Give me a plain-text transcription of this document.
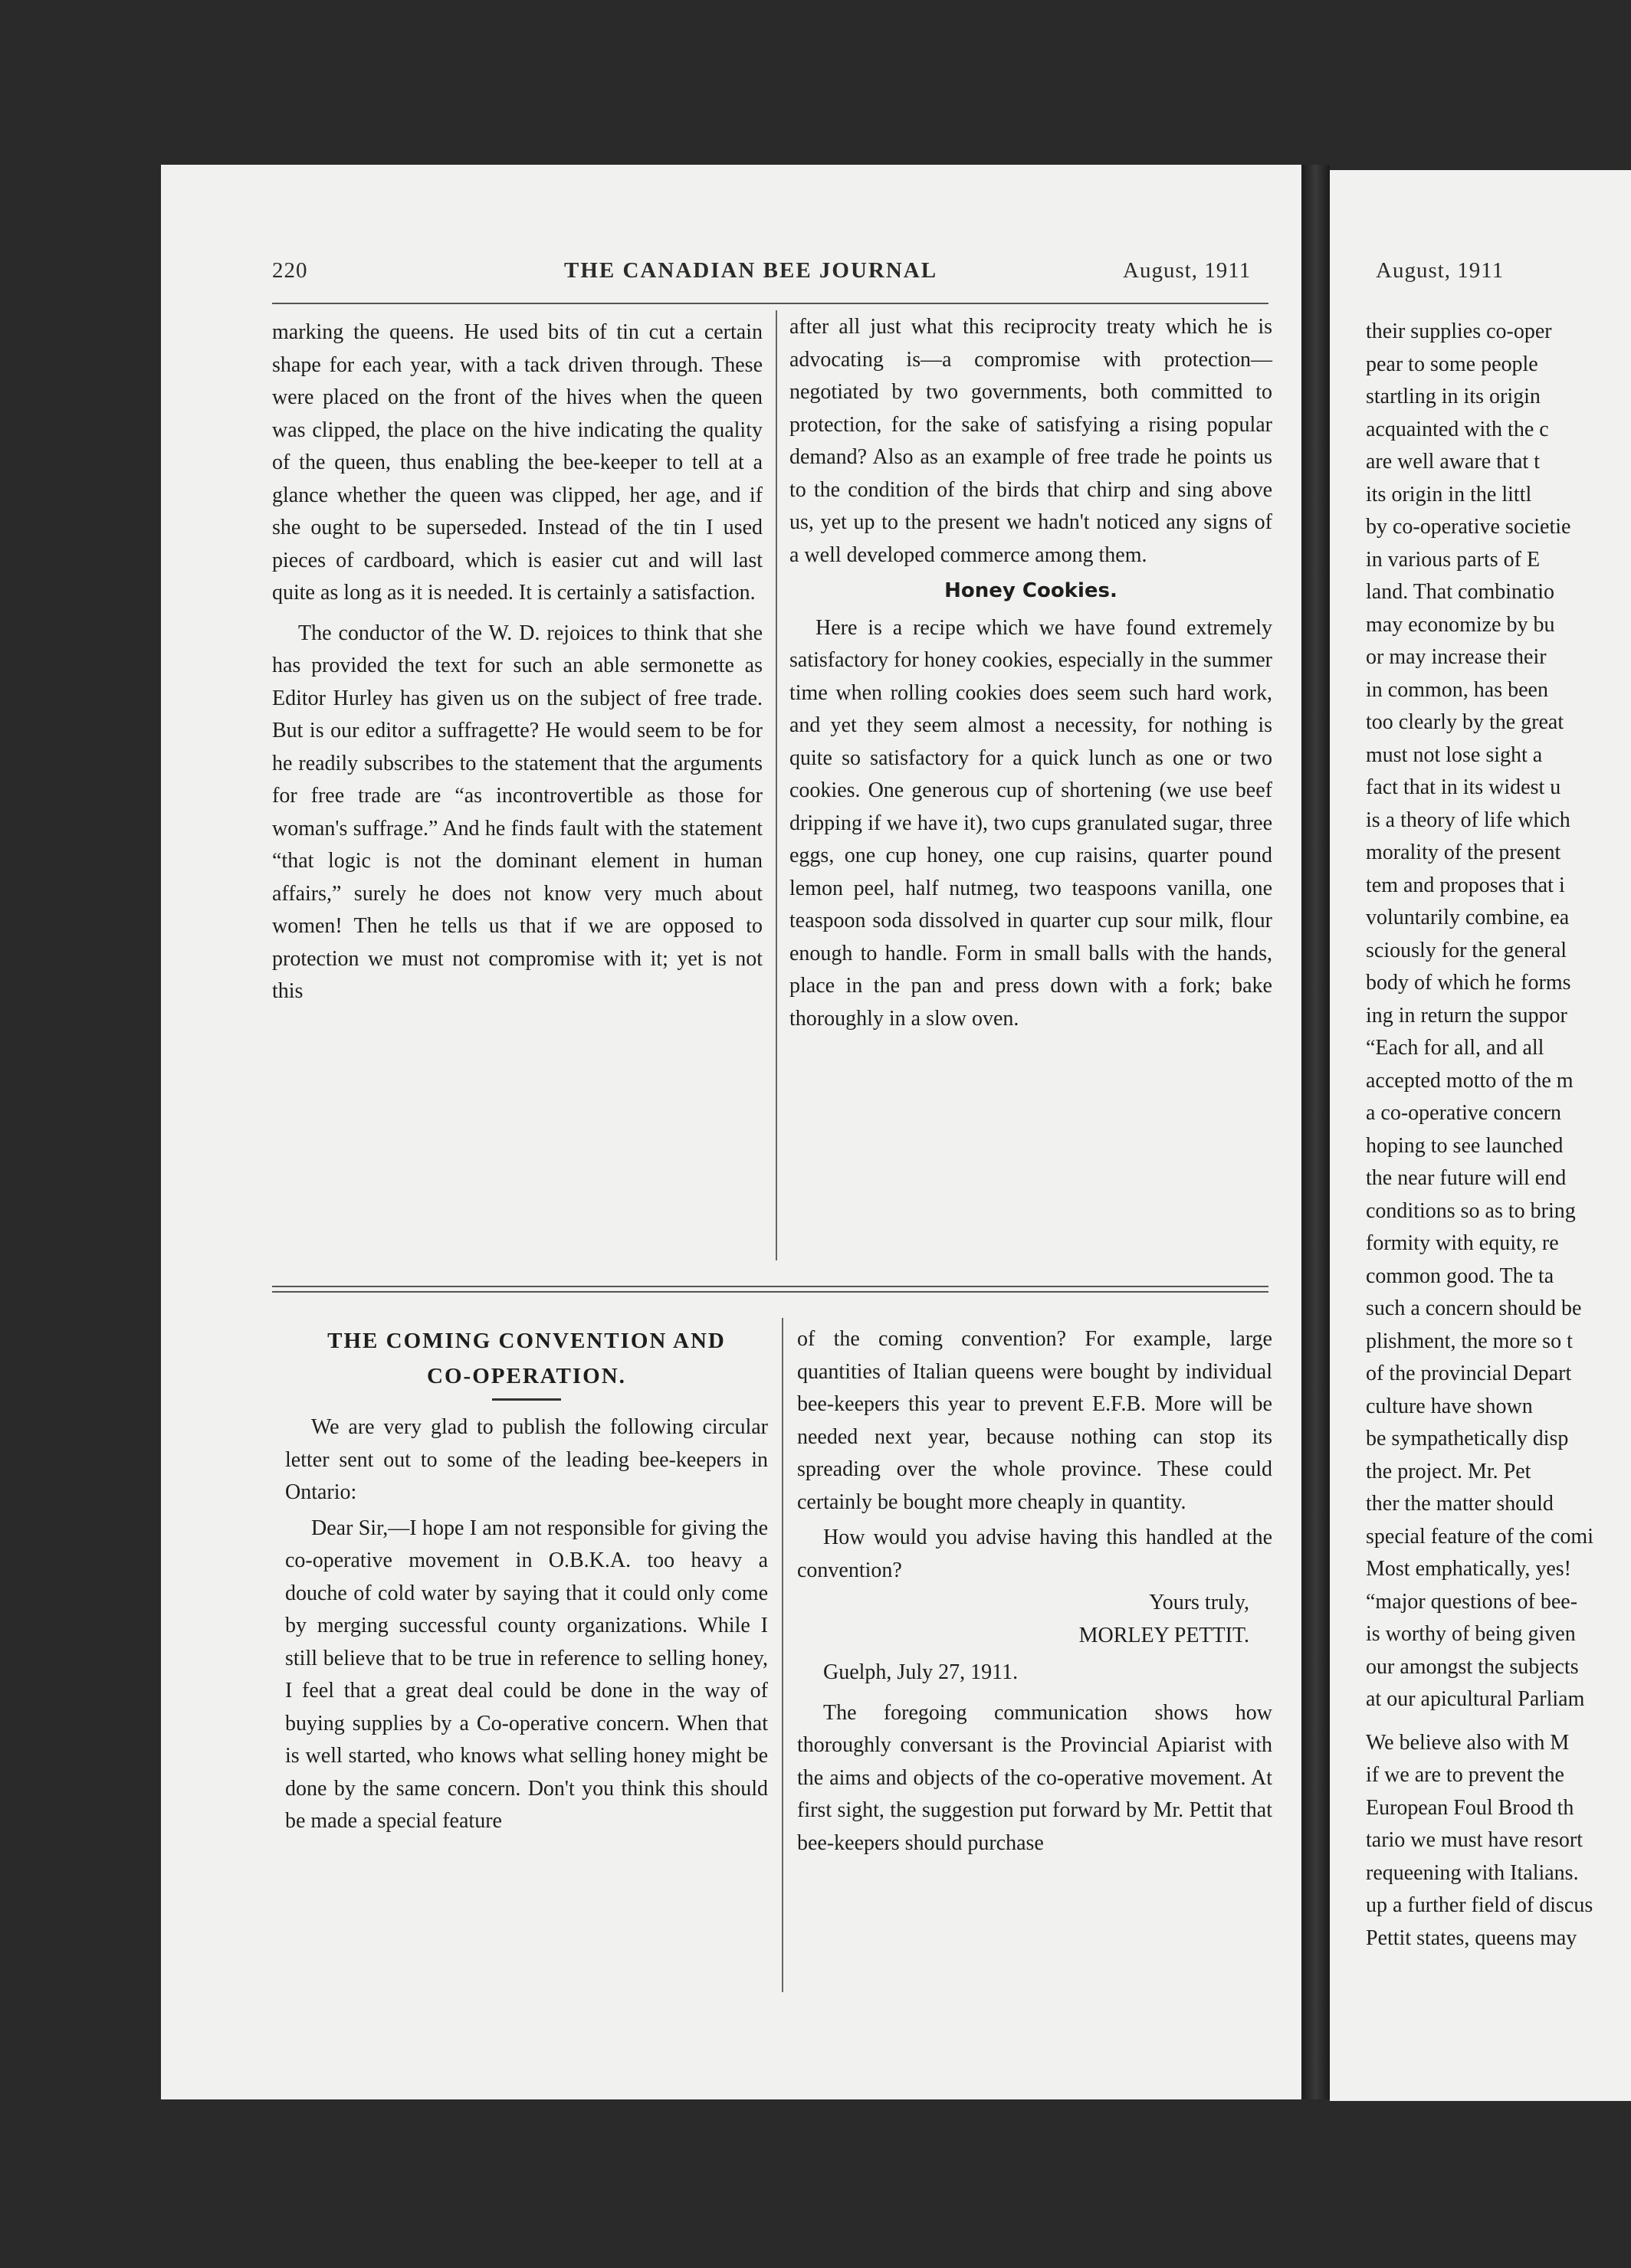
220	THE CANADIAN BEE JOURNAL	August, 1911	August, 1911

marking the queens. He used bits of tin cut a certain shape for each year, with a tack driven through. These were placed on the front of the hives when the queen was clipped, the place on the hive indicating the quality of the queen, thus enabling the bee-keeper to tell at a glance whether the queen was clipped, her age, and if she ought to be superseded. Instead of the tin I used pieces of cardboard, which is easier cut and will last quite as long as it is needed. It is certainly a satisfaction.

The conductor of the W. D. rejoices to think that she has provided the text for such an able sermonette as Editor Hurley has given us on the subject of free trade. But is our editor a suffragette? He would seem to be for he readily subscribes to the statement that the arguments for free trade are “as incontrovertible as those for woman's suffrage.” And he finds fault with the statement “that logic is not the dominant element in human affairs,” surely he does not know very much about women! Then he tells us that if we are opposed to protection we must not compromise with it; yet is not this

after all just what this reciprocity treaty which he is advocating is—a compromise with protection—negotiated by two governments, both committed to protection, for the sake of satisfying a rising popular demand? Also as an example of free trade he points us to the condition of the birds that chirp and sing above us, yet up to the present we hadn't noticed any signs of a well developed commerce among them.

Honey Cookies.

Here is a recipe which we have found extremely satisfactory for honey cookies, especially in the summer time when rolling cookies does seem such hard work, and yet they seem almost a necessity, for nothing is quite so satisfactory for a quick lunch as one or two cookies. One generous cup of shortening (we use beef dripping if we have it), two cups granulated sugar, three eggs, one cup honey, one cup raisins, quarter pound lemon peel, half nutmeg, two teaspoons vanilla, one teaspoon soda dissolved in quarter cup sour milk, flour enough to handle. Form in small balls with the hands, place in the pan and press down with a fork; bake thoroughly in a slow oven.

THE COMING CONVENTION AND
CO-OPERATION.

We are very glad to publish the following circular letter sent out to some of the leading bee-keepers in Ontario:

Dear Sir,—I hope I am not responsible for giving the co-operative movement in O.B.K.A. too heavy a douche of cold water by saying that it could only come by merging successful county organizations. While I still believe that to be true in reference to selling honey, I feel that a great deal could be done in the way of buying supplies by a Co-operative concern. When that is well started, who knows what selling honey might be done by the same concern. Don't you think this should be made a special feature

of the coming convention? For example, large quantities of Italian queens were bought by individual bee-keepers this year to prevent E.F.B. More will be needed next year, because nothing can stop its spreading over the whole province. These could certainly be bought more cheaply in quantity.

How would you advise having this handled at the convention?

Yours truly,
MORLEY PETTIT.
Guelph, July 27, 1911.

The foregoing communication shows how thoroughly conversant is the Provincial Apiarist with the aims and objects of the co-operative movement. At first sight, the suggestion put forward by Mr. Pettit that bee-keepers should purchase

their supplies co-oper
pear to some people
startling in its origin
acquainted with the c
are well aware that t
its origin in the littl
by co-operative societie
in various parts of E
land. That combinatio
may economize by bu
or may increase their
in common, has been
too clearly by the great
must not lose sight a
fact that in its widest u
is a theory of life which
morality of the present
tem and proposes that i
voluntarily combine, ea
sciously for the general
body of which he forms
ing in return the suppor
“Each for all, and all
accepted motto of the m
a co-operative concern
hoping to see launched
the near future will end
conditions so as to bring
formity with equity, re
common good. The ta
such a concern should be
plishment, the more so t
of the provincial Depart
culture have shown
be sympathetically disp
the project. Mr. Pet
ther the matter should
special feature of the comi
Most emphatically, yes!
“major questions of bee-
is worthy of being given
our amongst the subjects
at our apicultural Parliam
We believe also with M
if we are to prevent the
European Foul Brood th
tario we must have resort
requeening with Italians.
up a further field of discus
Pettit states, queens may
